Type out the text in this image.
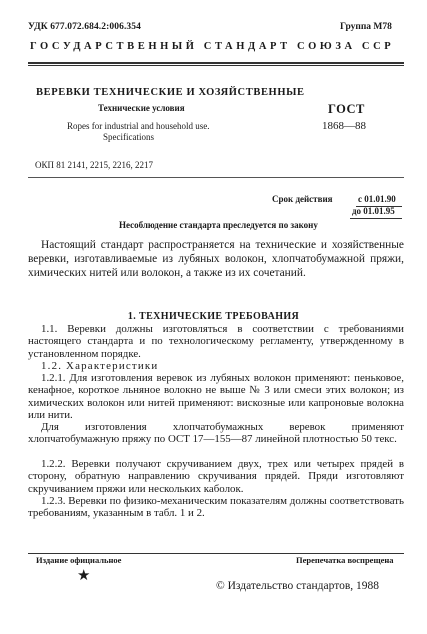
УДК 677.072.684.2:006.354	Группа М78
ГОСУДАРСТВЕННЫЙ СТАНДАРТ СОЮЗА ССР
ВЕРЕВКИ ТЕХНИЧЕСКИЕ И ХОЗЯЙСТВЕННЫЕ
Технические условия
Ropes for industrial and household use.
Specifications
ГОСТ
1868—88
ОКП 81 2141, 2215, 2216, 2217
Срок действия	с 01.01.90
до 01.01.95
Несоблюдение стандарта преследуется по закону

Настоящий стандарт распространяется на технические и хозяйственные веревки, изготавливаемые из лубяных волокон, хлопчатобумажной пряжи, химических нитей или волокон, а также из их сочетаний.

1. ТЕХНИЧЕСКИЕ ТРЕБОВАНИЯ

1.1. Веревки должны изготовляться в соответствии с требованиями настоящего стандарта и по технологическому регламенту, утвержденному в установленном порядке.

1.2. Характеристики

1.2.1. Для изготовления веревок из лубяных волокон применяют: пеньковое, кенафное, короткое льняное волокно не выше № 3 или смеси этих волокон; из химических волокон или нитей применяют: вискозные или капроновые волокна или нити.

Для изготовления хлопчатобумажных веревок применяют хлопчатобумажную пряжу по ОСТ 17—155—87 линейной плотностью 50 текс.

1.2.2. Веревки получают скручиванием двух, трех или четырех прядей в сторону, обратную направлению скручивания прядей. Пряди изготовляют скручиванием пряжи или нескольких каболок.

1.2.3. Веревки по физико-механическим показателям должны соответствовать требованиям, указанным в табл. 1 и 2.

Издание официальное	Перепечатка воспрещена
★
© Издательство стандартов, 1988
